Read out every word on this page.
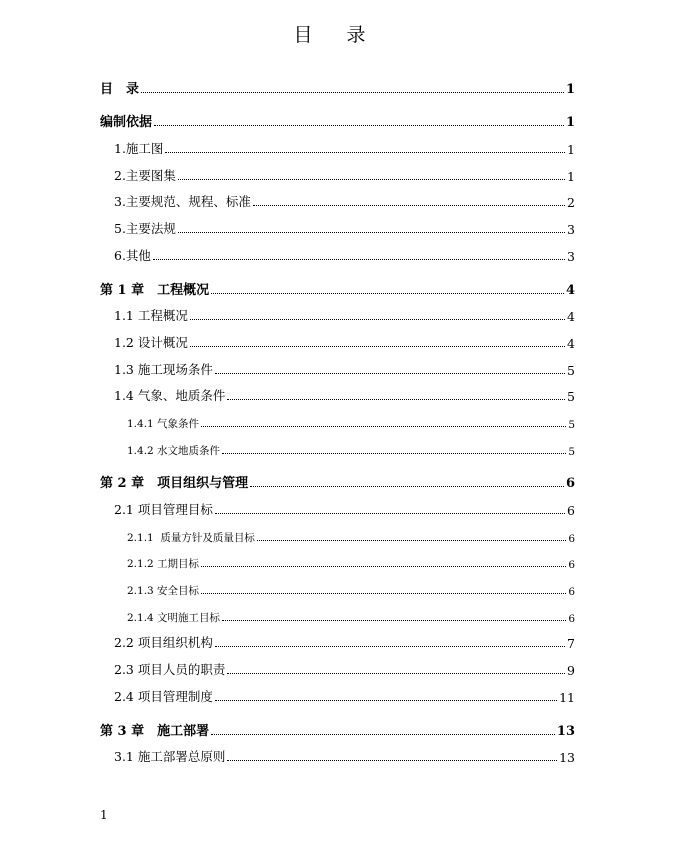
目 录
目　录	1
编制依据	1
1.施工图	1
2.主要图集	1
3.主要规范、规程、标准	2
5.主要法规	3
6.其他	3
第 1 章　工程概况	4
1.1 工程概况	4
1.2 设计概况	4
1.3 施工现场条件	5
1.4 气象、地质条件	5
1.4.1 气象条件	5
1.4.2 水文地质条件	5
第 2 章　项目组织与管理	6
2.1 项目管理目标	6
2.1.1  质量方针及质量目标	6
2.1.2 工期目标	6
2.1.3 安全目标	6
2.1.4 文明施工目标	6
2.2 项目组织机构	7
2.3 项目人员的职责	9
2.4 项目管理制度	11
第 3 章　施工部署	13
3.1 施工部署总原则	13
1
